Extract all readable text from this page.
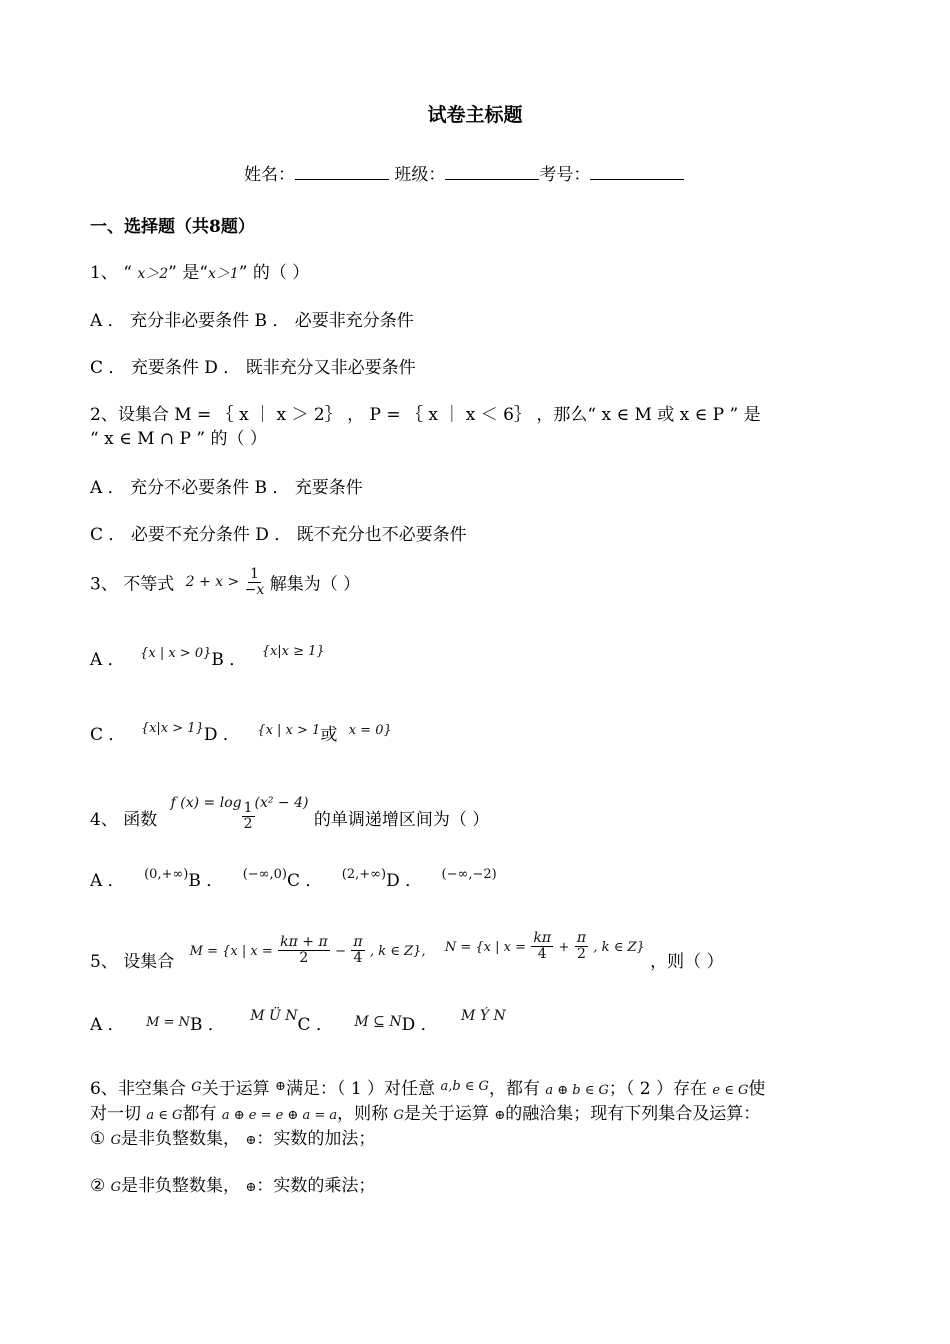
试卷主标题
姓名：	班级：	考号：
一、选择题（共8题）
1、 “ x＞2” 是“x＞1” 的（ ）
A ． 充分非必要条件 B ． 必要非充分条件
C ． 充要条件 D ． 既非充分又非必要条件
2、设集合 M = ｛ x ｜ x ＞ 2｝ ， P = ｛ x ｜ x ＜ 6｝ ，那么“ x ∈ M 或 x ∈ P ” 是
“ x ∈ M ∩ P ” 的（ ）
A ． 充分不必要条件 B ． 充要条件
C ． 必要不充分条件 D ． 既不充分也不必要条件
3、 不等式 $2 + x > \frac{1}{-x}$ 解集为（ ）
A ． $^{\{x | x > 0\}}$B ． $^{\{x|x \ge 1\}}$
C ． $^{\{x|x > 1\}}$D ． $^{\{x | x > 1}$或 $^{x = 0\}}$
4、 函数 f $(x) = \log \frac{1}{2} (x^2 - 4)$ 的单调递增区间为（ ）
A ． $^{(0,+\infty)}$B ． $^{(-\infty,0)}$C ． $^{(2,+\infty)}$D ． $^{(-\infty,-2)}$
5、 设集合 M = {x | $x = \frac{k\pi + \pi}{2} - \frac{\pi}{4}$ , k ∈ Z}, N = {x | $x = \frac{k\pi}{4} + \frac{\pi}{2}$ , k ∈ Z} ，则（ ）
A ． $^{M = N}$B ． $^{M Ü N}$C ． $^{M ⊆ N}$D ． $^{M Ý N}$
6、非空集合 G关于运算 ⊕满足：（ 1 ）对任意 $^{a,b \in G}$，都有 a ⊕ b ∈ G；（ 2 ）存在 e ∈ G使
对一切 a ∈ G都有 a ⊕ e = e ⊕ a = a，则称 G是关于运算 ⊕的融洽集；现有下列集合及运算：
① G是非负整数集， ⊕：实数的加法；
② G是非负整数集， ⊕：实数的乘法；
